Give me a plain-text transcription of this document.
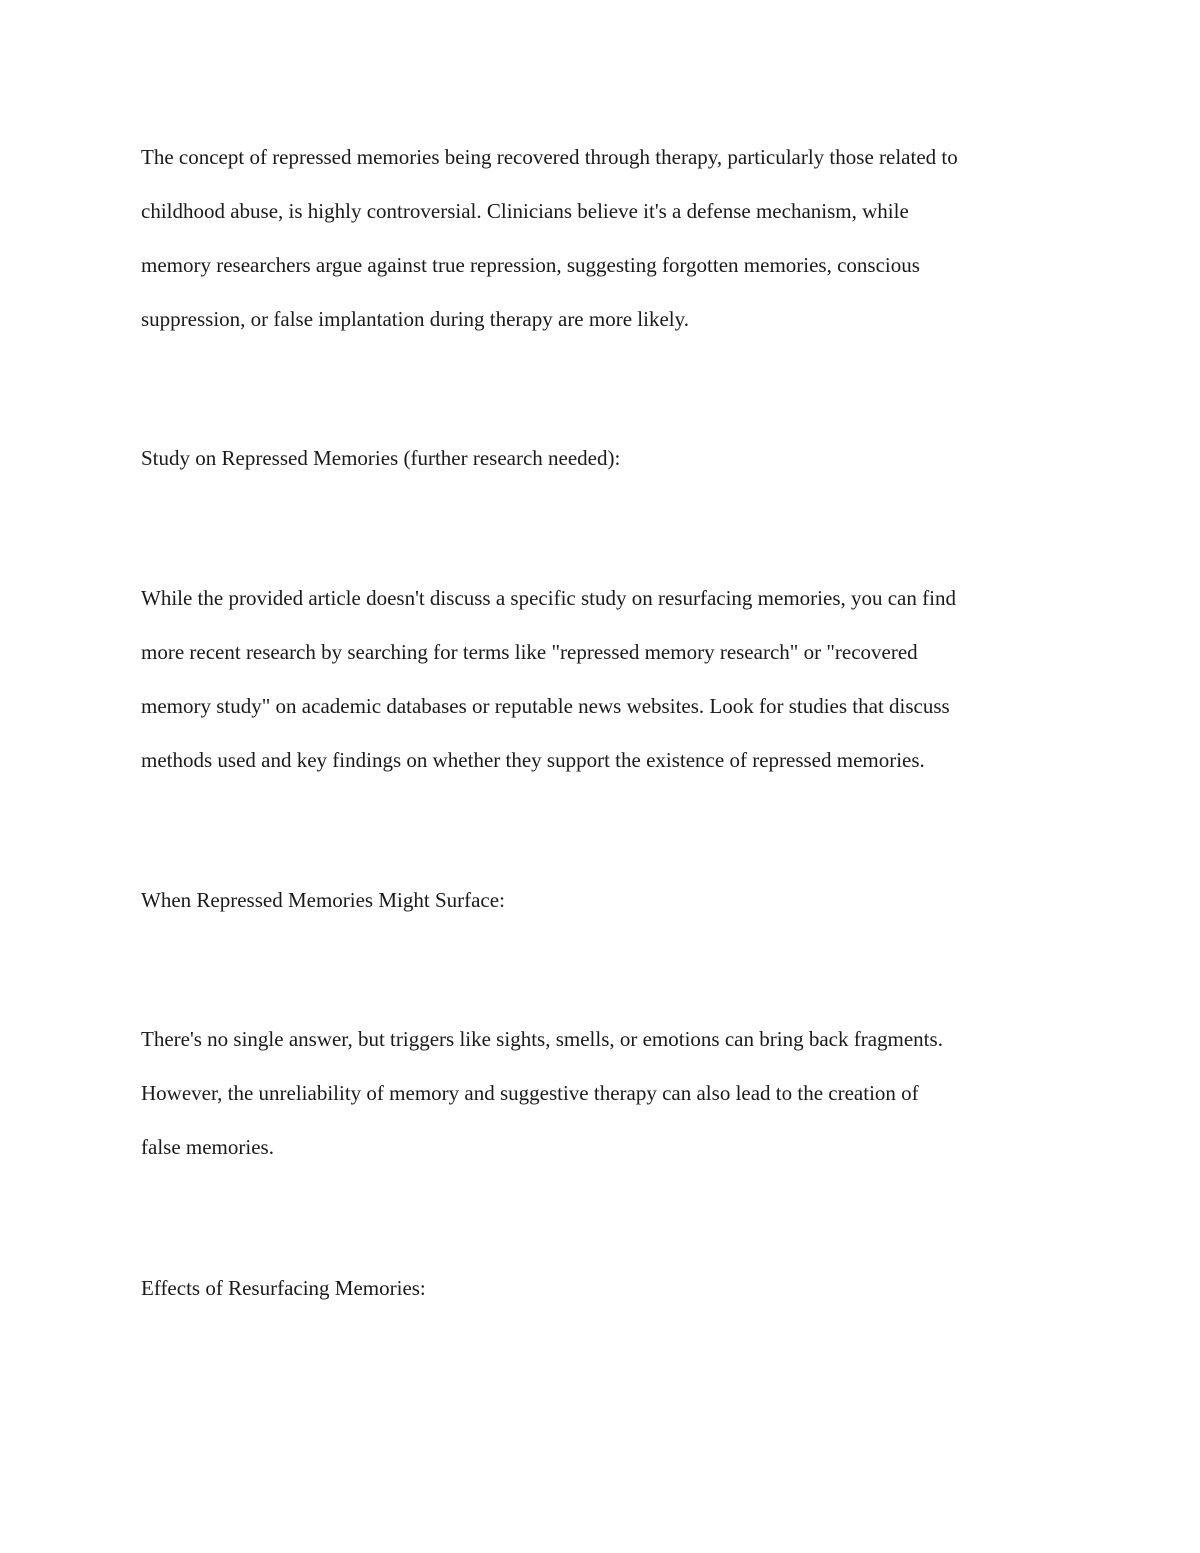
The concept of repressed memories being recovered through therapy, particularly those related to
childhood abuse, is highly controversial. Clinicians believe it's a defense mechanism, while
memory researchers argue against true repression, suggesting forgotten memories, conscious
suppression, or false implantation during therapy are more likely.
Study on Repressed Memories (further research needed):
While the provided article doesn't discuss a specific study on resurfacing memories, you can find
more recent research by searching for terms like "repressed memory research" or "recovered
memory study" on academic databases or reputable news websites. Look for studies that discuss
methods used and key findings on whether they support the existence of repressed memories.
When Repressed Memories Might Surface:
There's no single answer, but triggers like sights, smells, or emotions can bring back fragments.
However, the unreliability of memory and suggestive therapy can also lead to the creation of
false memories.
Effects of Resurfacing Memories:
